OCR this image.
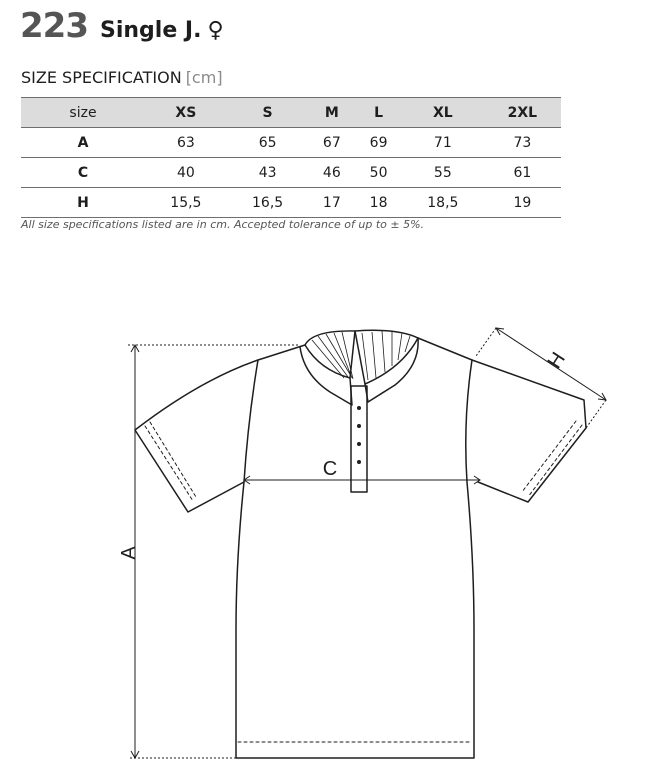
223 Single J. ♀
SIZE SPECIFICATION [cm]
size	XS	S	M	L	XL	2XL
A	63	65	67	69	71	73
C	40	43	46	50	55	61
H	15,5	16,5	17	18	18,5	19
All size specifications listed are in cm. Accepted tolerance of up to ± 5%.
A
C
H
